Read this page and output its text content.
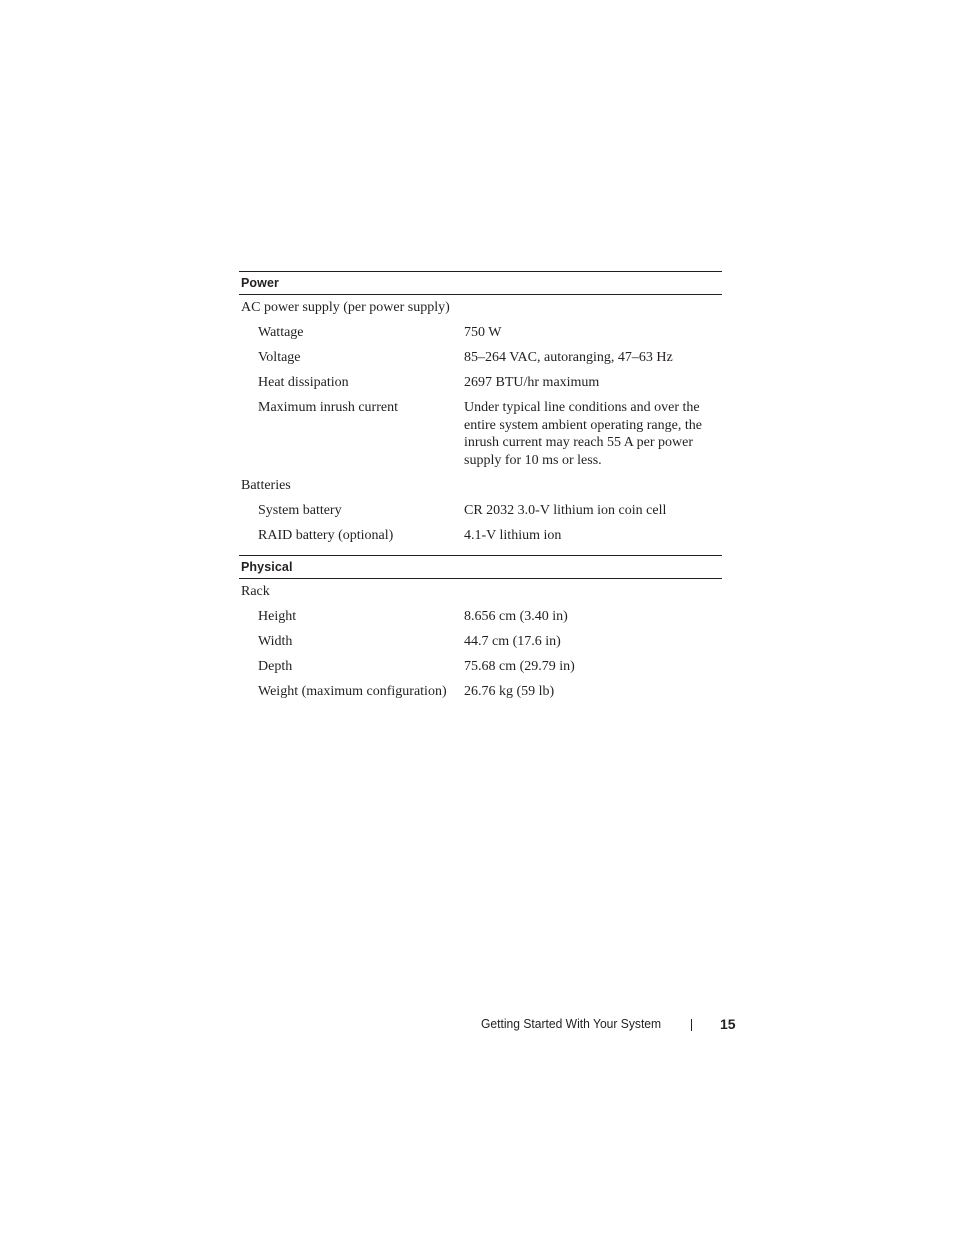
Power
AC power supply (per power supply)
Wattage	750 W
Voltage	85–264 VAC, autoranging, 47–63 Hz
Heat dissipation	2697 BTU/hr maximum
Maximum inrush current	Under typical line conditions and over the entire system ambient operating range, the inrush current may reach 55 A per power supply for 10 ms or less.
Batteries
System battery	CR 2032 3.0-V lithium ion coin cell
RAID battery (optional)	4.1-V lithium ion
Physical
Rack
Height	8.656 cm (3.40 in)
Width	44.7 cm (17.6 in)
Depth	75.68 cm (29.79 in)
Weight (maximum configuration)	26.76 kg (59 lb)
Getting Started With Your System	15
